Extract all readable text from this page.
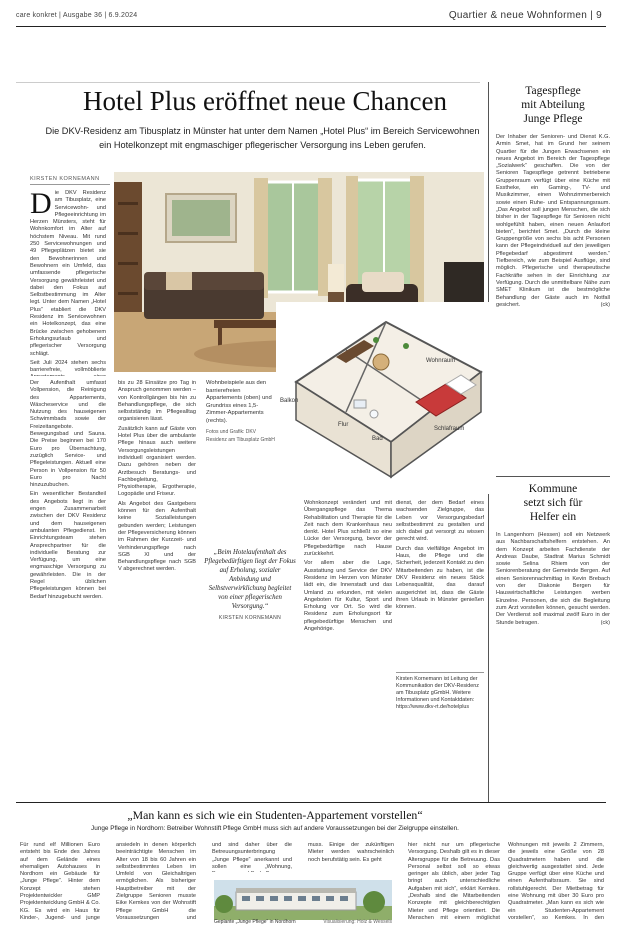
care konkret | Ausgabe 36 | 6.9.2024	Quartier & neue Wohnformen | 9
Hotel Plus eröffnet neue Chancen
Die DKV-Residenz am Tibusplatz in Münster hat unter dem Namen „Hotel Plus“ im Bereich Servicewohnen ein Hotelkonzept mit engmaschiger pflegerischer Versorgung ins Leben gerufen.
KIRSTEN KORNEMANN
D ie DKV Residenz am Tibusplatz, eine Servicewohn- und Pflegeeinrichtung im Herzen Münsters, steht für Wohnkomfort im Alter auf höchstem Niveau. Mit rund 250 Servicewohnungen und 49 Pflegeplätzen bietet sie den Bewohnerinnen und Bewohnern ein Umfeld, das umfassende pflegerische Versorgung gewährleistet und dabei den Fokus auf Selbstbestimmung im Alter legt. Unter dem Namen „Hotel Plus“ etabliert die DKV Residenz im Servicewohnen ein Hotelkonzept, das eine Brücke zwischen gehobenem Erholungsurlaub und pflegerischer Versorgung schlägt.

Seit Juli 2024 stehen sechs barrierefreie, vollmöblierte

Wohnraum
Schlafraum
Bad
Flur
Balkon

Der Aufenthalt umfasst Vollpension, die Reinigung des Appartements, Wäscheservice und die Nutzung des hauseigenen Schwimmbads sowie der Freizeitangebote. Bewegungsbad und Sauna. Die Preise beginnen bei 170 Euro pro Übernachtung, zuzüglich Service- und Pflegeleistungen. Aktuell eine Person in Vollpension für 50 Euro pro Nacht hinzuzubuchen.

Ein wesentlicher Bestandteil des Angebots liegt in der engen Zusammenarbeit zwischen der DKV Residenz und dem hauseigenen ambulanten Pflegedienst. Im Einrichtungsteam stehen Ansprechpartner für die individuelle Beratung zur Verfügung, um eine engmaschige Versorgung zu gewährleisten. Die in der Regel üblichen Pflegeleistungen können bei Bedarf hinzugebucht werden.

bis zu 28 Einsätze pro Tag in Anspruch genommen werden – von Kontrollgängen bis hin zu Behandlungspflege, die sich selbstständig im Pflegealltag organisieren lässt.

Zusätzlich kann auf Gäste von Hotel Plus über die ambulante Pflege hinaus auch weitere Versorgungsleistungen individuell organisiert werden. Dazu gehören neben der Arztbesuch Beratungs- und Fachbegleitung, Physiotherapie, Ergotherapie, Logopädie und Friseur.

Als Angebot des Gastgebers können für den Aufenthalt keine Sozialleistungen gebunden werden; Leistungen der Pflegeversicherung können im Rahmen der Kurzzeit- und Verhinderungspflege nach SGB XI und der Behandlungspflege nach SGB V abgerechnet werden.

Wohnbeispiele aus den barrierefreien Appartements (oben) und Grundriss eines 1,5-Zimmer-Appartements (rechts).
Fotos und Grafik: DKV Residenz am Tibusplatz GmbH
„Beim Hotelaufenthalt des Pflegebedürftigen liegt der Fokus auf Erholung, sozialer Anbindung und Selbstverwirklichung begleitet von einer pflegerischen Versorgung.“
KIRSTEN KORNEMANN

Wohnkonzept verändert und mit Übergangspflege das Thema Rehabilitation und Therapie für die Zeit nach dem Krankenhaus neu denkt. Hotel Plus schließt so eine Lücke der Versorgung, bevor der Pflegebedürftige nach Hause zurückkehrt.

Vor allem aber die Lage, Ausstattung und Service der DKV Residenz im Herzen von Münster lädt ein, die Innenstadt und das Umland zu erkunden, mit vielen Angeboten für Kultur, Sport und Erholung vor Ort. So wird die Residenz zum Erholungsort für pflegebedürftige Menschen und Angehörige.

dienst, der dem Bedarf eines wachsenden Zielgruppe, das Leben vor Versorgungsbedarf selbstbestimmt zu gestalten und sich dabei gut versorgt zu wissen gerecht wird.

Durch das vielfältige Angebot im Haus, die Pflege und die Sicherheit, jederzeit Kontakt zu den Mitarbeitenden zu haben, ist die DKV Residenz ein neues Stück Lebensqualität, das darauf ausgerichtet ist, dass die Gäste ihren Urlaub in Münster genießen können.

Kirsten Kornemann ist Leitung der Kommunikation der DKV-Residenz am Tibusplatz gGmbH. Weitere Informationen und Kontaktdaten: https://www.dkv-rt.de/hotelplus
Tagespflege
mit Abteilung
Junge Pflege
Der Inhaber der Senioren- und Dienst K.G. Armin Smet, hat im Grund her seinem Quartier für die Jungen Erwachsenen ein neues Angebot im Bereich der Tagespflege „Sozialwerk“ geschaffen. Die von der Senioren Tagespflege getrennt betriebene Gruppenraum verfügt über eine Küche mit Esstheke, ein Gaming-, TV- und Musikzimmer, einen Wohnzimmerbereich sowie einen Ruhe- und Entspannungsraum. „Das Angebot soll jungen Menschen, die sich bisher in der Tagespflege für Senioren nicht wohlgefühlt haben, einen neuen Anlaufort bieten“, berichtet Smet. „Durch die kleine Gruppengröße von sechs bis acht Personen kann der Pflegeindividuell auf den jeweiligen Pflegebedarf abgestimmt werden.“ Tiefbereich, wie zum Beispiel Ausflüge, sind möglich. Pflegerische und therapeutische Fachkräfte sehen in der Einrichtung zur Verfügung. Durch die unmittelbare Nähe zum SMET Klinikum ist die bestmögliche Behandlung der Gäste auch im Notfall gesichert.	(ck)
Kommune
setzt sich für
Helfer ein
In Langenhorn (Hessen) soll ein Netzwerk aus Nachbarschaftshelfern entstehen. An dem Konzept arbeiten Fachdienste der Andreas Daube, Stadtrat Marius Schmidt sowie Selina Rhiem von der Seniorenberatung der Gemeinde Bergen. Auf einen Seniorennachmittag in Kevin Brebach von der Diakonie Bergen für Hauswirtschaftliche Leistungen werben Einzelne. Personen, die sich die Begleitung zum Arzt vorstellen können, gesucht werden. Der Verdienst soll maximal zwölf Euro in der Stunde betragen.	(ck)
„Man kann es sich wie ein Studenten-Appartement vorstellen“
Junge Pflege in Nordhorn: Betreiber Wohnstift Pflege GmbH muss sich auf andere Voraussetzungen bei der Zielgruppe einstellen.
Für rund elf Millionen Euro entsteht bis Ende des Jahres auf dem Gelände eines ehemaligen Autohauses in Nordhorn ein Gebäude für „Junge Pflege“. Hinter dem Konzept stehen Projektentwickler GMP Projektentwicklung GmbH & Co. KG. Es wird ein Haus für Kinder-, Jugend- und junge
ansiedeln in denen körperlich beeinträchtigte Menschen im Alter von 18 bis 60 Jahren ein selbstbestimmtes Leben im Umfeld von Gleichaltrigen ermöglichen. Als bisheriger Hauptbetreiber mit der Zielgruppe Senioren musste Eike Kemkes von der Wohnstift Pflege GmbH die Voraussetzungen und
und sind daher über die Betreuungsunterbringung „Junge Pflege“ anerkannt und sollen eine „Wohnung,
muss. Einige der zukünftigen Mieter werden wahrscheinlich noch berufstätig sein. Es geht
Geplante „Junge Pflege“ in Nordhorn	Visualisierung: Holz & Wessels
hier nicht nur um pflegerische Versorgung. Deshalb gilt es in dieser Altersgruppe für die Betreuung. Das Personal selbst soll so etwas geringer als üblich, aber jeder Tag bringt auch unterschiedliche Aufgaben mit sich“, erklärt Kemkes. „Deshalb sind die Mitarbeitenden Konzepte mit gleichberechtigten Mieter und Pflege orientiert. Die Menschen mit einem möglichst
Wohnungen mit jeweils 2 Zimmern, die jeweils eine Größe von 28 Quadratmetern haben und die gleichwertig ausgestattet sind. Jede Gruppe verfügt über eine Küche und einen Aufenthaltsraum. Sie sind rollstuhlgerecht. Der Mietbetrag für eine Wohnung mit über 30 Euro pro Quadratmeter. „Man kann es sich wie ein Studenten-Appartement vorstellen“, so Kemkes. In den
